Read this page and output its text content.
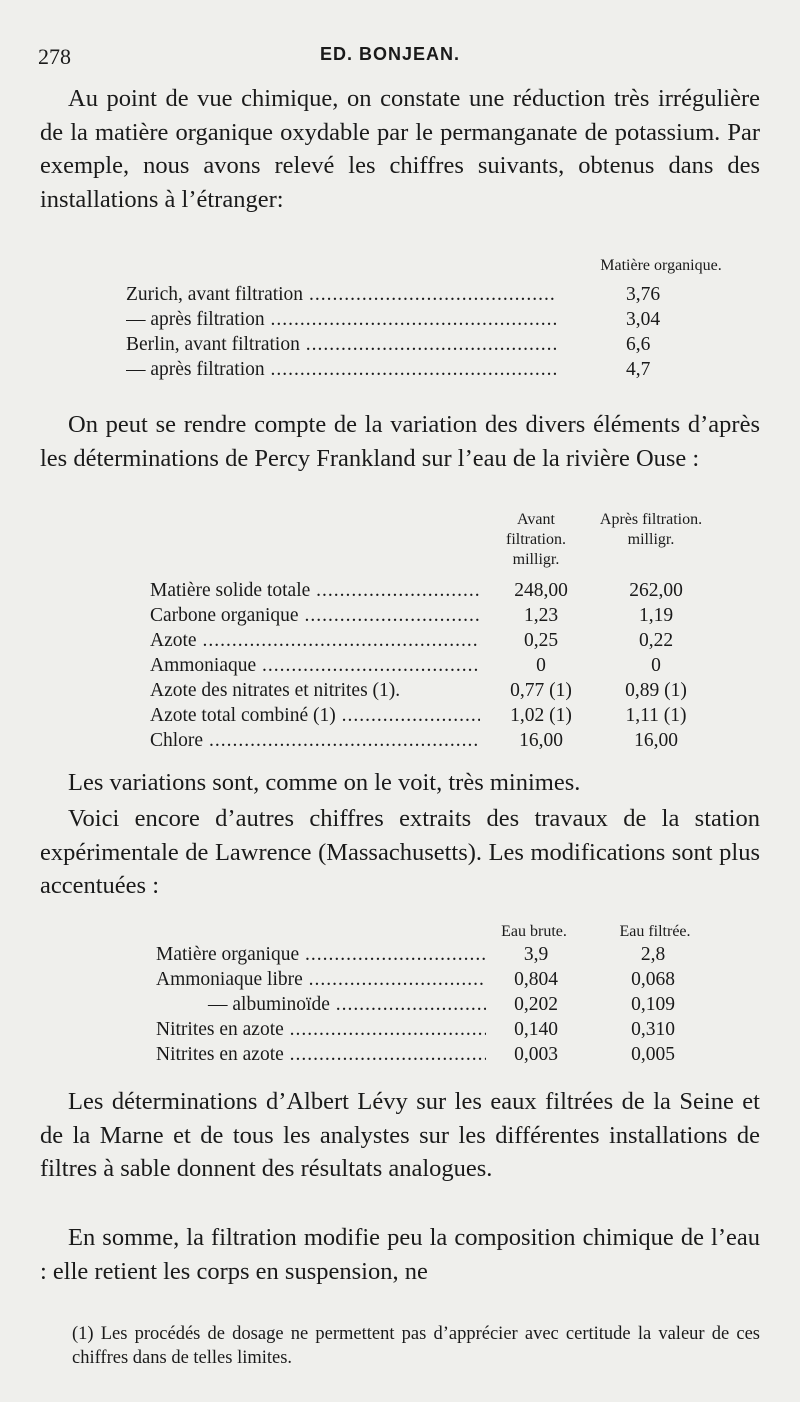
278	ED. BONJEAN.

Au point de vue chimique, on constate une réduction très irrégulière de la matière organique oxydable par le permanganate de potassium. Par exemple, nous avons relevé les chiffres suivants, obtenus dans des installations à l’étranger:

Matière organique.
Zurich, avant filtration .....	3,76
— après filtration .....	3,04
Berlin, avant filtration .....	6,6
— après filtration .....	4,7

On peut se rendre compte de la variation des divers éléments d’après les déterminations de Percy Frankland sur l’eau de la rivière Ouse :

Avant filtration. milligr.
Après filtration. milligr.
Matière solide totale .....	248,00	262,00
Carbone organique .....	1,23	1,19
Azote .....	0,25	0,22
Ammoniaque .....	0	0
Azote des nitrates et nitrites (1).	0,77 (1)	0,89 (1)
Azote total combiné (1) .....	1,02 (1)	1,11 (1)
Chlore .....	16,00	16,00

Les variations sont, comme on le voit, très minimes.

Voici encore d’autres chiffres extraits des travaux de la station expérimentale de Lawrence (Massachusetts). Les modifications sont plus accentuées :

Eau brute.	Eau filtrée.
Matière organique .....	3,9	2,8
Ammoniaque libre .....	0,804	0,068
— albuminoïde .....	0,202	0,109
Nitrites en azote .....	0,140	0,310
Nitrites en azote .....	0,003	0,005

Les déterminations d’Albert Lévy sur les eaux filtrées de la Seine et de la Marne et de tous les analystes sur les différentes installations de filtres à sable donnent des résultats analogues.

En somme, la filtration modifie peu la composition chimique de l’eau : elle retient les corps en suspension, ne

(1) Les procédés de dosage ne permettent pas d’apprécier avec certitude la valeur de ces chiffres dans de telles limites.
